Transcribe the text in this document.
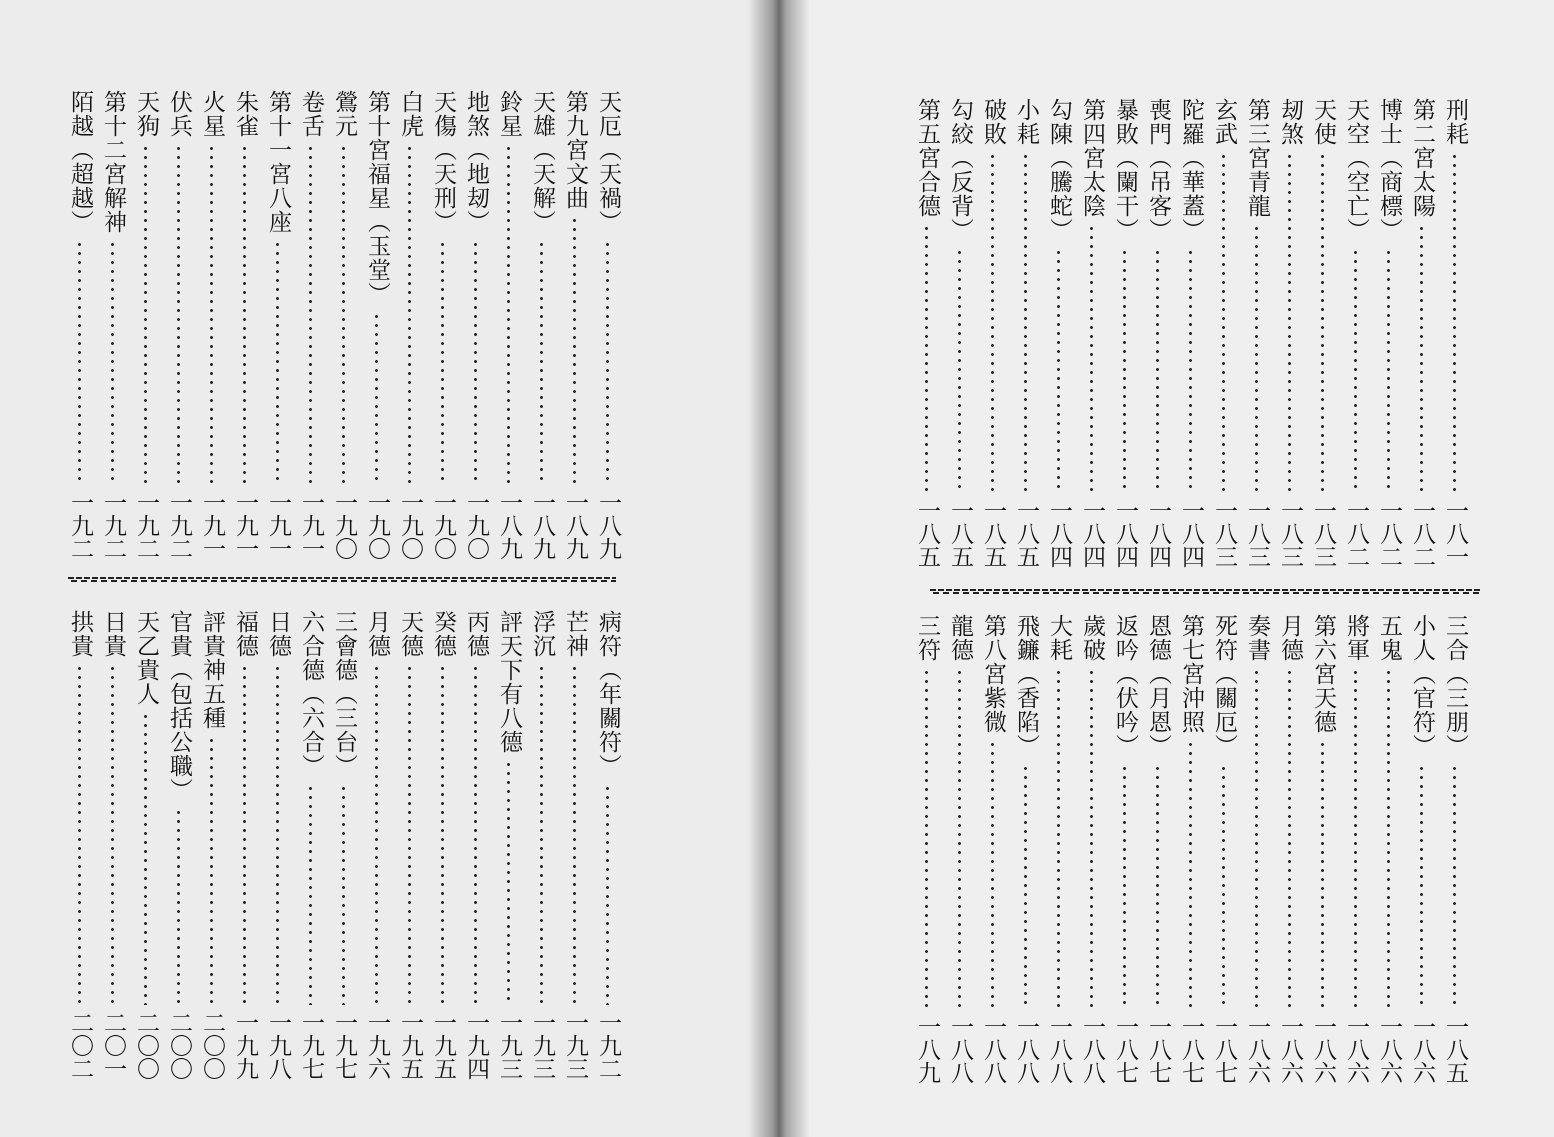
天厄（天禍）
一八九
第九宮文曲
一八九
天雄（天解）
一八九
鈴星
一八九
地煞（地刼）
一九〇
天傷（天刑）
一九〇
白虎
一九〇
第十宮福星（玉堂）
一九〇
鶯元
一九〇
卷舌
一九一
第十一宮八座
一九一
朱雀
一九一
火星
一九一
伏兵
一九二
天狗
一九二
第十二宮解神
一九二
陌越（超越）
一九二
病符（年關符）
一九二
芒神
一九三
浮沉
一九三
評天下有八德
一九三
丙德
一九四
癸德
一九五
天德
一九五
月德
一九六
三會德（三台）
一九七
六合德（六合）
一九七
日德
一九八
福德
一九九
評貴神五種
二〇〇
官貴（包括公職）
二〇〇
天乙貴人
二〇〇
日貴
二〇一
拱貴
二〇二
刑耗
一八一
第二宮太陽
一八二
博士（商標）
一八二
天空（空亡）
一八二
天使
一八三
刼煞
一八三
第三宮青龍
一八三
玄武
一八三
陀羅（華蓋）
一八四
喪門（吊客）
一八四
暴敗（闌干）
一八四
第四宮太陰
一八四
勾陳（騰蛇）
一八四
小耗
一八五
破敗
一八五
勾絞（反背）
一八五
第五宮合德
一八五
三合（三朋）
一八五
小人（官符）
一八六
五鬼
一八六
將軍
一八六
第六宮天德
一八六
月德
一八六
奏書
一八六
死符（關厄）
一八七
第七宮沖照
一八七
恩德（月恩）
一八七
返吟（伏吟）
一八七
歲破
一八八
大耗
一八八
飛鐮（香陷）
一八八
第八宮紫微
一八八
龍德
一八八
三符
一八九
